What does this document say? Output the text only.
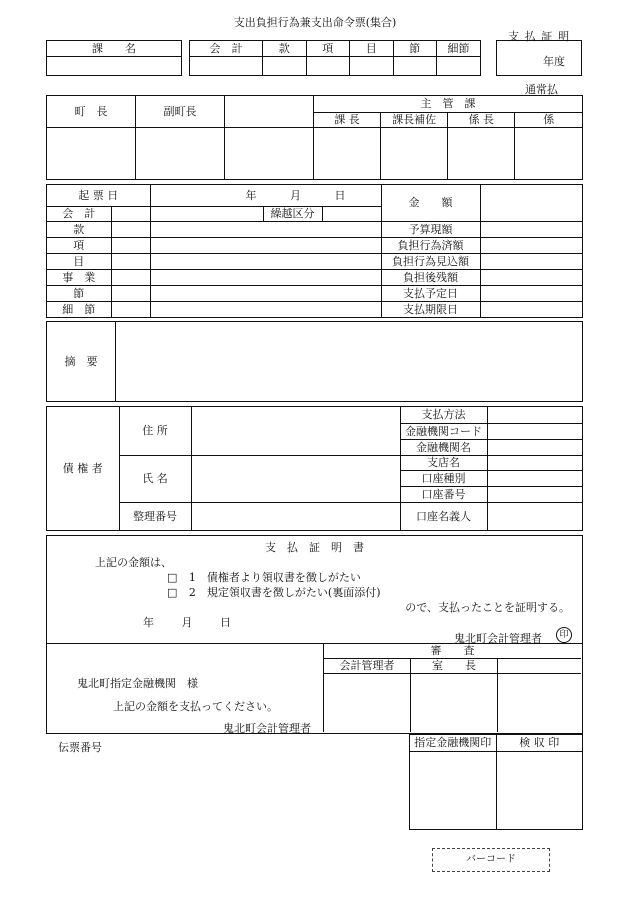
支出負担行為兼支出命令票(集合)
支 払 証 明
年度
通常払
課　　名	会　計	款	項	目	節	細節

町　長	副町長		主　管　課			
			課 長	課長補佐	係 長	係

起 票 日		年 月 日			金　　額	
会　計			繰越区分			
款					予算現額	
項					負担行為済額	
目					負担行為見込額	
事　業					負担後残額	
節					支払予定日	
細　節					支払期限日	
摘　要	
債 権 者	住 所		支払方法	
			金融機関コード	
			金融機関名	
	氏 名		支店名	
			口座種別	
			口座番号	
	整理番号		口座名義人	
支　払　証　明　書
上記の金額は、
□ 1　債権者より領収書を徴しがたい
□ 2　規定領収書を徴しがたい(裏面添付)
ので、支払ったことを証明する。
年	月	日
鬼北町会計管理者	印
鬼北町指定金融機関　様
上記の金額を支払ってください。
鬼北町会計管理者
審　　査		
会計管理者	室　　長	

伝票番号	指定金融機関印	検 収 印

バーコード
